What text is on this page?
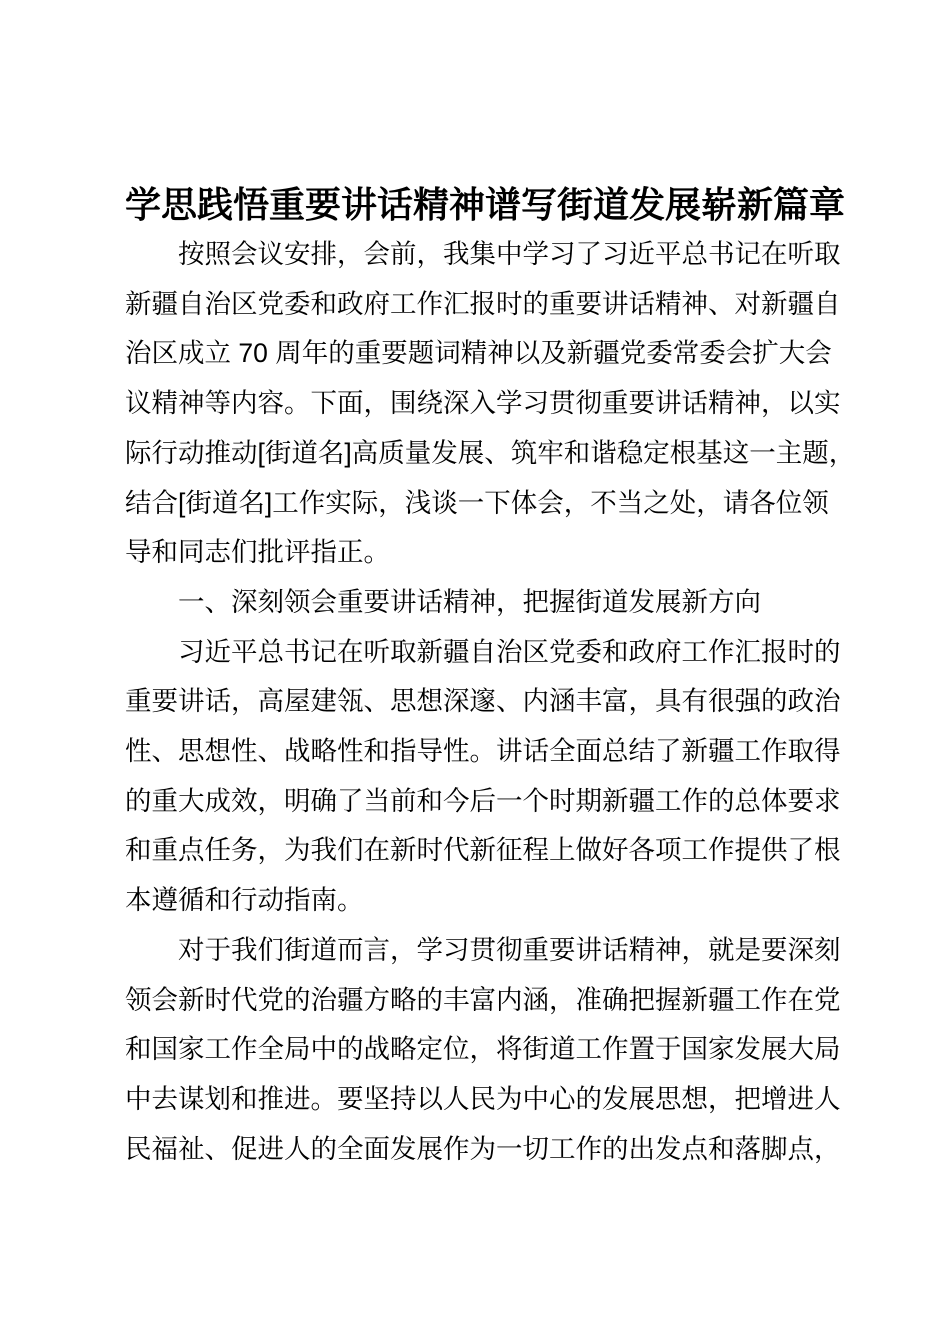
学思践悟重要讲话精神谱写街道发展崭新篇章
按照会议安排，会前，我集中学习了习近平总书记在听取
新疆自治区党委和政府工作汇报时的重要讲话精神、对新疆自
治区成立 70 周年的重要题词精神以及新疆党委常委会扩大会
议精神等内容。下面，围绕深入学习贯彻重要讲话精神，以实
际行动推动[街道名]高质量发展、筑牢和谐稳定根基这一主题，
结合[街道名]工作实际，浅谈一下体会，不当之处，请各位领
导和同志们批评指正。
一、深刻领会重要讲话精神，把握街道发展新方向
习近平总书记在听取新疆自治区党委和政府工作汇报时的
重要讲话，高屋建瓴、思想深邃、内涵丰富，具有很强的政治
性、思想性、战略性和指导性。讲话全面总结了新疆工作取得
的重大成效，明确了当前和今后一个时期新疆工作的总体要求
和重点任务，为我们在新时代新征程上做好各项工作提供了根
本遵循和行动指南。
对于我们街道而言，学习贯彻重要讲话精神，就是要深刻
领会新时代党的治疆方略的丰富内涵，准确把握新疆工作在党
和国家工作全局中的战略定位，将街道工作置于国家发展大局
中去谋划和推进。要坚持以人民为中心的发展思想，把增进人
民福祉、促进人的全面发展作为一切工作的出发点和落脚点，
